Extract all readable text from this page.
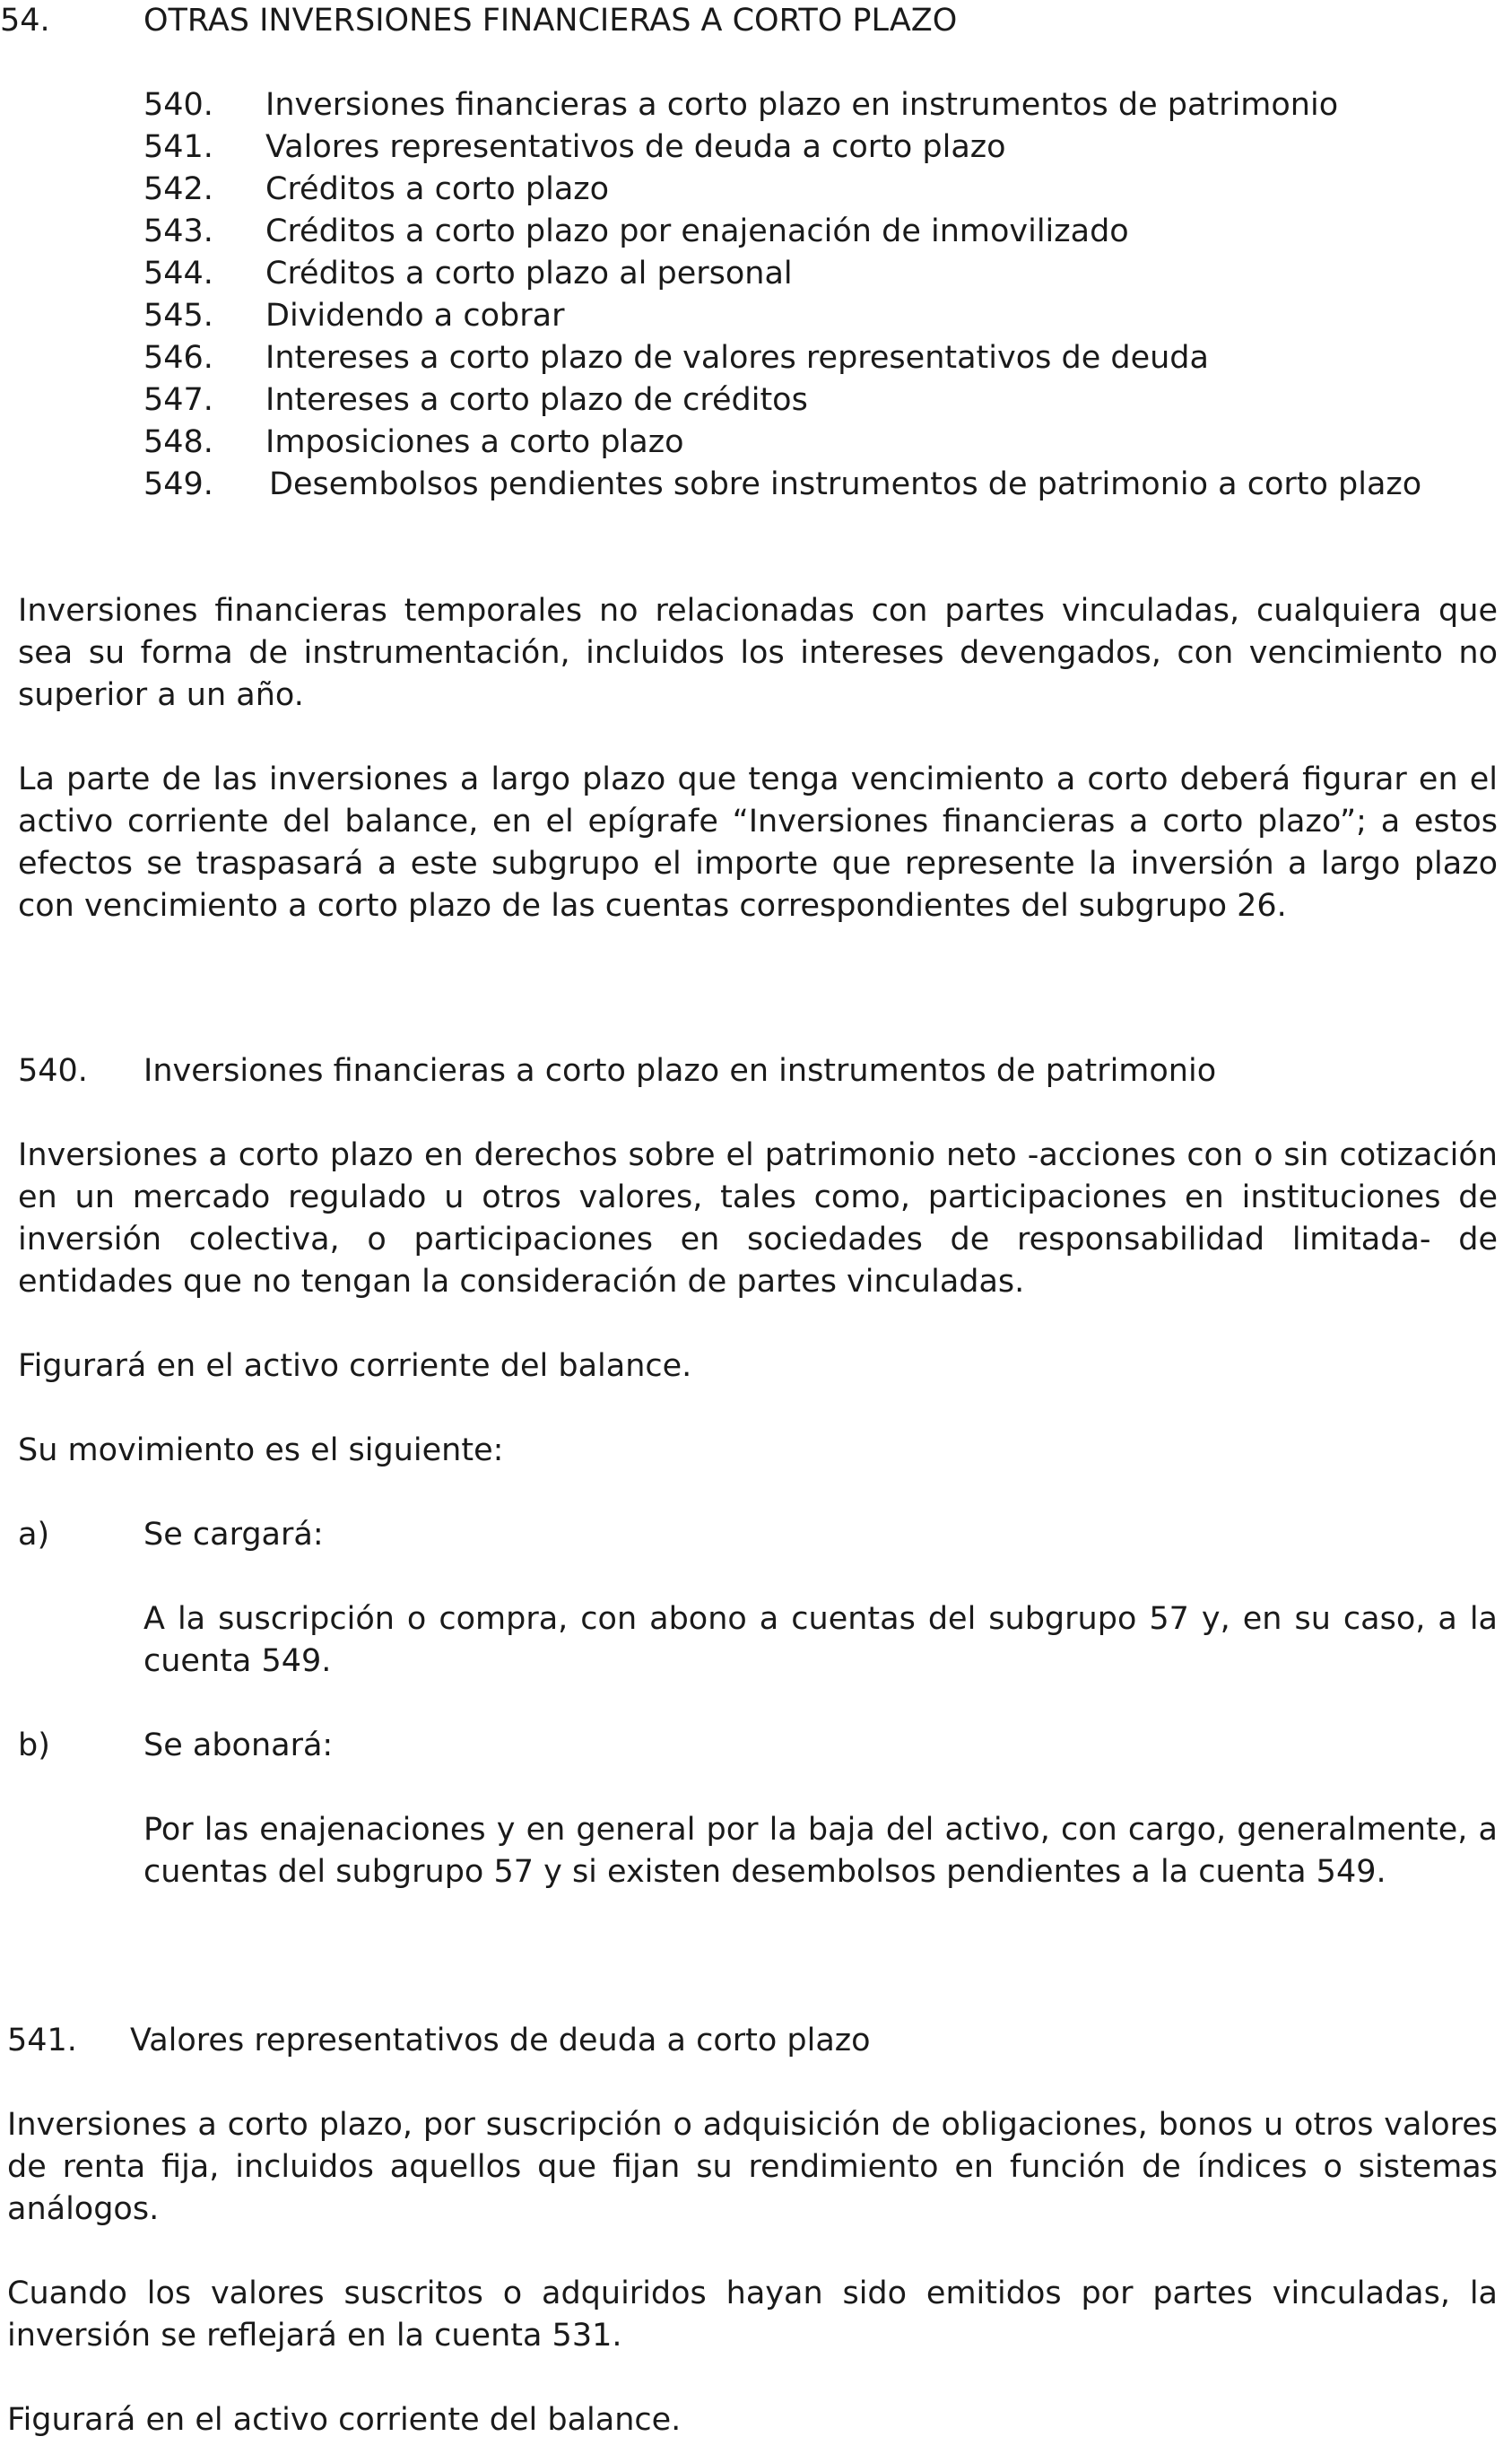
54.	OTRAS INVERSIONES FINANCIERAS A CORTO PLAZO
540. Inversiones financieras a corto plazo en instrumentos de patrimonio
541. Valores representativos de deuda a corto plazo
542. Créditos a corto plazo
543. Créditos a corto plazo por enajenación de inmovilizado
544. Créditos a corto plazo al personal
545. Dividendo a cobrar
546. Intereses a corto plazo de valores representativos de deuda
547. Intereses a corto plazo de créditos
548. Imposiciones a corto plazo
549. Desembolsos pendientes sobre instrumentos de patrimonio a corto plazo

Inversiones financieras temporales no relacionadas con partes vinculadas, cualquiera que sea su forma de instrumentación, incluidos los intereses devengados, con vencimiento no superior a un año.

La parte de las inversiones a largo plazo que tenga vencimiento a corto deberá figurar en el activo corriente del balance, en el epígrafe “Inversiones financieras a corto plazo”; a estos efectos se traspasará a este subgrupo el importe que represente la inversión a largo plazo con vencimiento a corto plazo de las cuentas correspondientes del subgrupo 26.

540. Inversiones financieras a corto plazo en instrumentos de patrimonio

Inversiones a corto plazo en derechos sobre el patrimonio neto -acciones con o sin cotización en un mercado regulado u otros valores, tales como, participaciones en instituciones de inversión colectiva, o participaciones en sociedades de responsabilidad limitada- de entidades que no tengan la consideración de partes vinculadas.

Figurará en el activo corriente del balance.

Su movimiento es el siguiente:

a)	Se cargará:

A la suscripción o compra, con abono a cuentas del subgrupo 57 y, en su caso, a la cuenta 549.

b)	Se abonará:

Por las enajenaciones y en general por la baja del activo, con cargo, generalmente, a cuentas del subgrupo 57 y si existen desembolsos pendientes a la cuenta 549.

541. Valores representativos de deuda a corto plazo

Inversiones a corto plazo, por suscripción o adquisición de obligaciones, bonos u otros valores de renta fija, incluidos aquellos que fijan su rendimiento en función de índices o sistemas análogos.

Cuando los valores suscritos o adquiridos hayan sido emitidos por partes vinculadas, la inversión se reflejará en la cuenta 531.

Figurará en el activo corriente del balance.
